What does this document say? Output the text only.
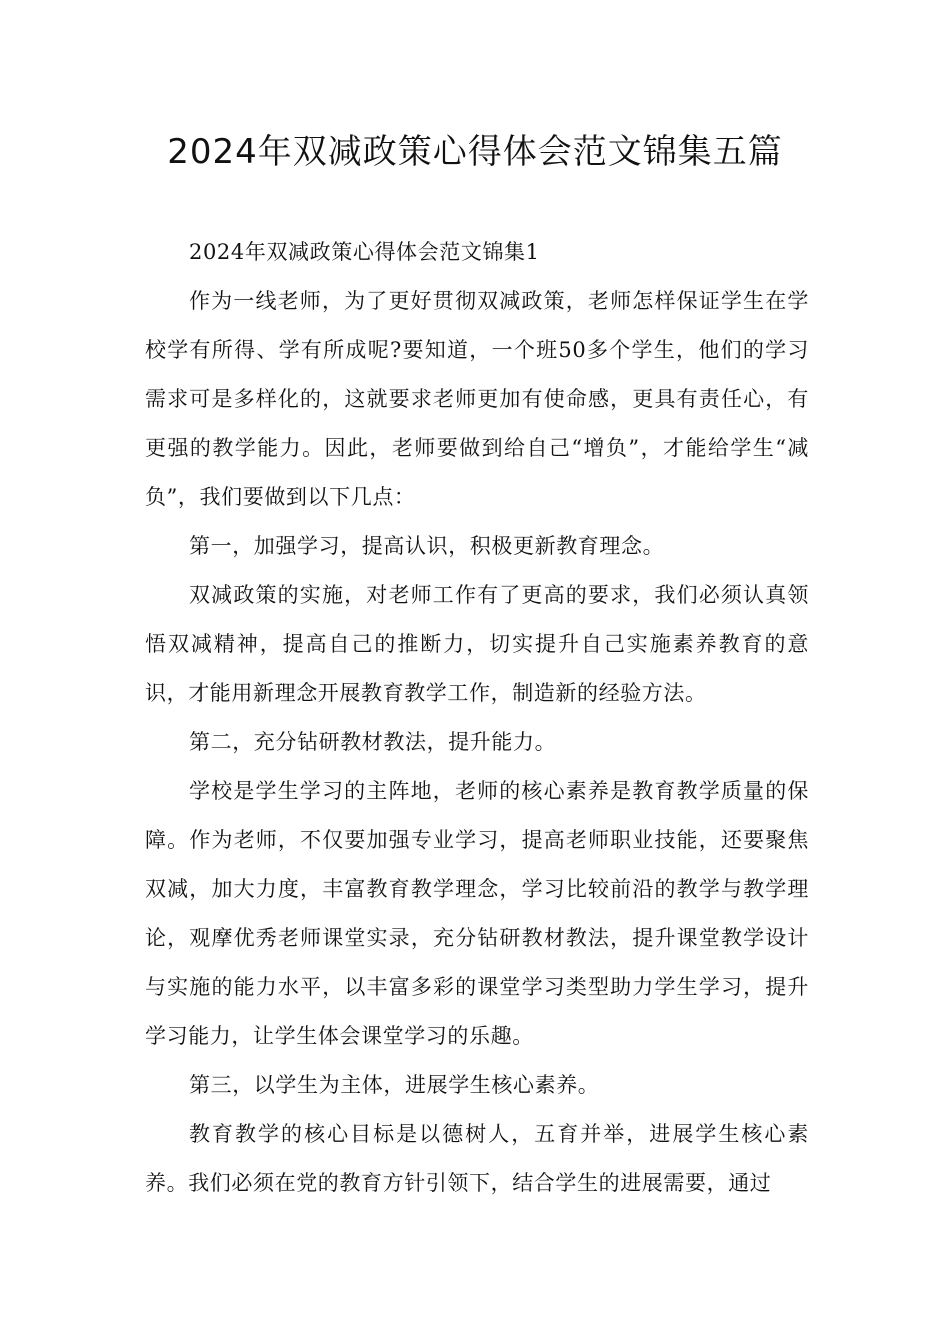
2024年双减政策心得体会范文锦集五篇

2024年双减政策心得体会范文锦集1

作为一线老师，为了更好贯彻双减政策，老师怎样保证学生在学校学有所得、学有所成呢?要知道，一个班50多个学生，他们的学习需求可是多样化的，这就要求老师更加有使命感，更具有责任心，有更强的教学能力。因此，老师要做到给自己“增负”，才能给学生“减负”，我们要做到以下几点：

第一，加强学习，提高认识，积极更新教育理念。

双减政策的实施，对老师工作有了更高的要求，我们必须认真领悟双减精神，提高自己的推断力，切实提升自己实施素养教育的意识，才能用新理念开展教育教学工作，制造新的经验方法。

第二，充分钻研教材教法，提升能力。

学校是学生学习的主阵地，老师的核心素养是教育教学质量的保障。作为老师，不仅要加强专业学习，提高老师职业技能，还要聚焦双减，加大力度，丰富教育教学理念，学习比较前沿的教学与教学理论，观摩优秀老师课堂实录，充分钻研教材教法，提升课堂教学设计与实施的能力水平，以丰富多彩的课堂学习类型助力学生学习，提升学习能力，让学生体会课堂学习的乐趣。

第三，以学生为主体，进展学生核心素养。

教育教学的核心目标是以德树人，五育并举，进展学生核心素养。我们必须在党的教育方针引领下，结合学生的进展需要，通过
